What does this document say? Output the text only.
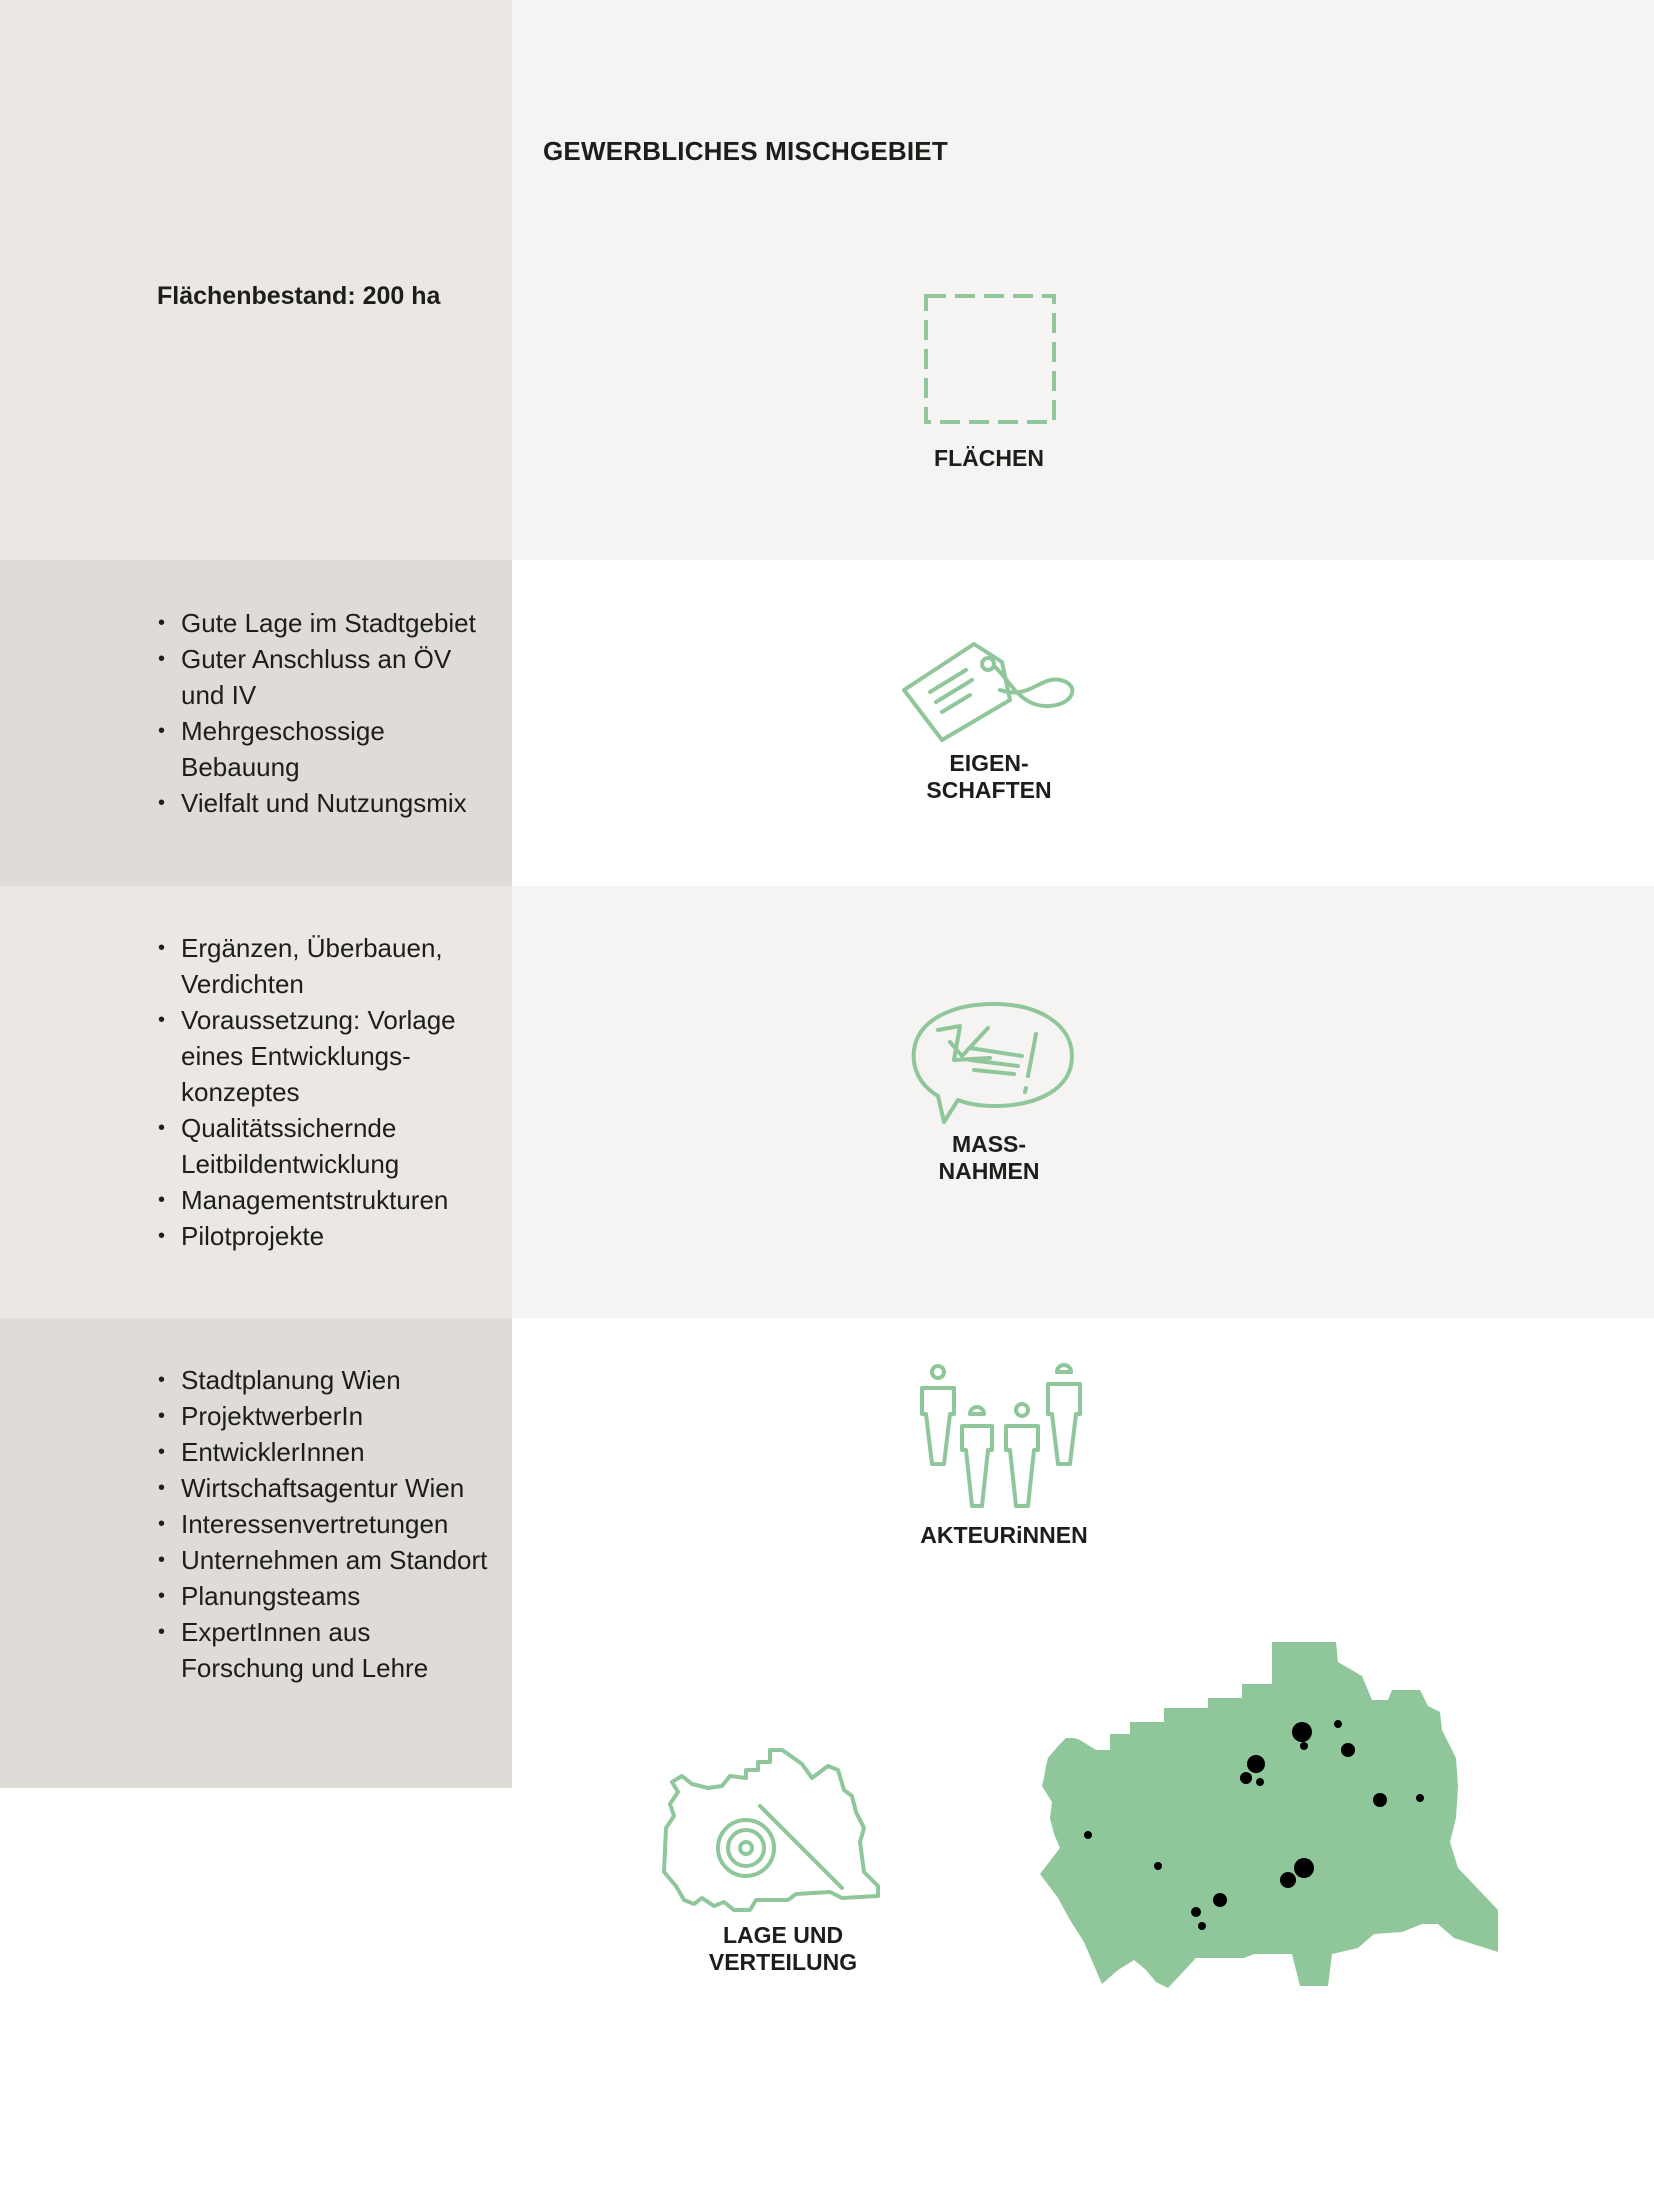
GEWERBLICHES MISCHGEBIET
Flächenbestand: 200 ha
FLÄCHEN
• Gute Lage im Stadtgebiet
• Guter Anschluss an ÖV und IV
• Mehrgeschossige Bebauung
• Vielfalt und Nutzungsmix
EIGEN-
SCHAFTEN
• Ergänzen, Überbauen, Verdichten
• Voraussetzung: Vorlage eines Entwicklungs-konzeptes
• Qualitätssichernde Leitbildentwicklung
• Managementstrukturen
• Pilotprojekte
MASS-
NAHMEN
• Stadtplanung Wien
• ProjektwerberIn
• EntwicklerInnen
• Wirtschaftsagentur Wien
• Interessenvertretungen
• Unternehmen am Standort
• Planungsteams
• ExpertInnen aus Forschung und Lehre
AKTEURiNNEN
LAGE UND
VERTEILUNG
